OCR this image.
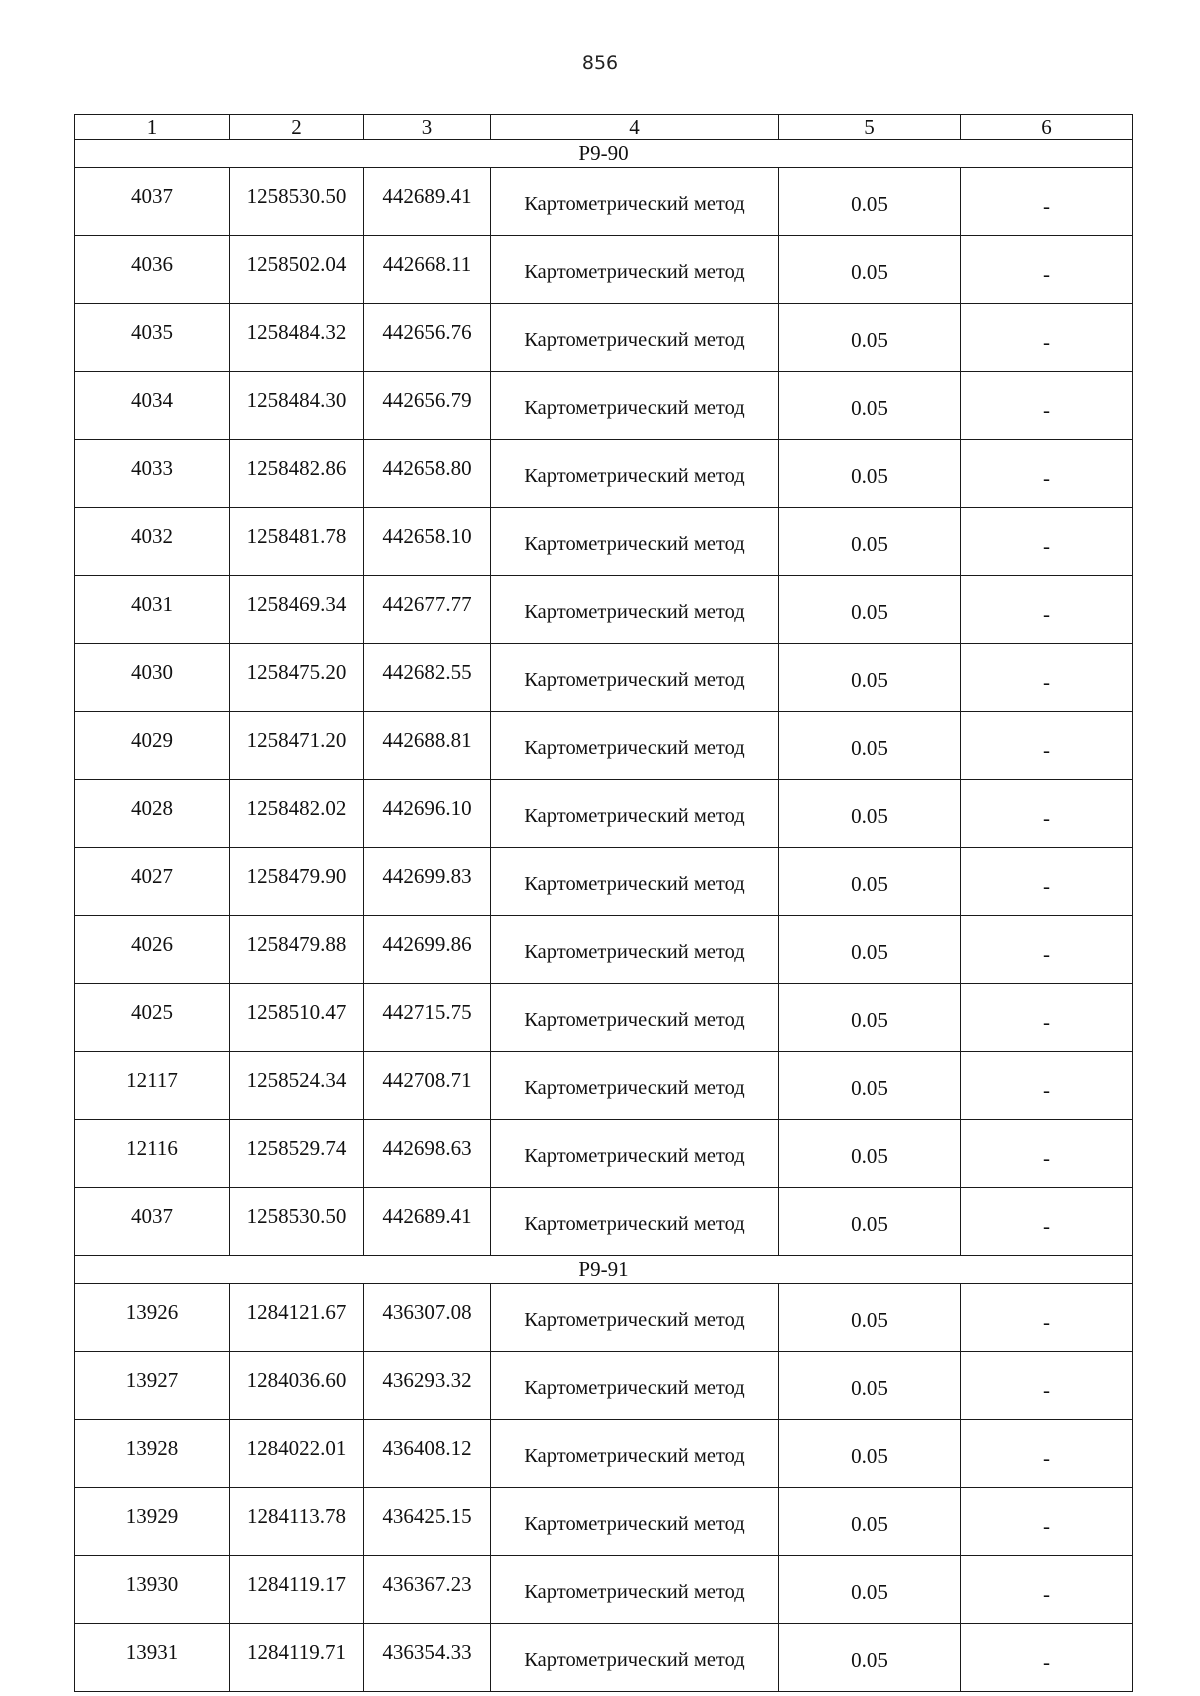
856
1	2	3	4	5	6
Р9-90					
4037	1258530.50	442689.41	Картометрический метод	0.05	-
4036	1258502.04	442668.11	Картометрический метод	0.05	-
4035	1258484.32	442656.76	Картометрический метод	0.05	-
4034	1258484.30	442656.79	Картометрический метод	0.05	-
4033	1258482.86	442658.80	Картометрический метод	0.05	-
4032	1258481.78	442658.10	Картометрический метод	0.05	-
4031	1258469.34	442677.77	Картометрический метод	0.05	-
4030	1258475.20	442682.55	Картометрический метод	0.05	-
4029	1258471.20	442688.81	Картометрический метод	0.05	-
4028	1258482.02	442696.10	Картометрический метод	0.05	-
4027	1258479.90	442699.83	Картометрический метод	0.05	-
4026	1258479.88	442699.86	Картометрический метод	0.05	-
4025	1258510.47	442715.75	Картометрический метод	0.05	-
12117	1258524.34	442708.71	Картометрический метод	0.05	-
12116	1258529.74	442698.63	Картометрический метод	0.05	-
4037	1258530.50	442689.41	Картометрический метод	0.05	-
Р9-91					
13926	1284121.67	436307.08	Картометрический метод	0.05	-
13927	1284036.60	436293.32	Картометрический метод	0.05	-
13928	1284022.01	436408.12	Картометрический метод	0.05	-
13929	1284113.78	436425.15	Картометрический метод	0.05	-
13930	1284119.17	436367.23	Картометрический метод	0.05	-
13931	1284119.71	436354.33	Картометрический метод	0.05	-
